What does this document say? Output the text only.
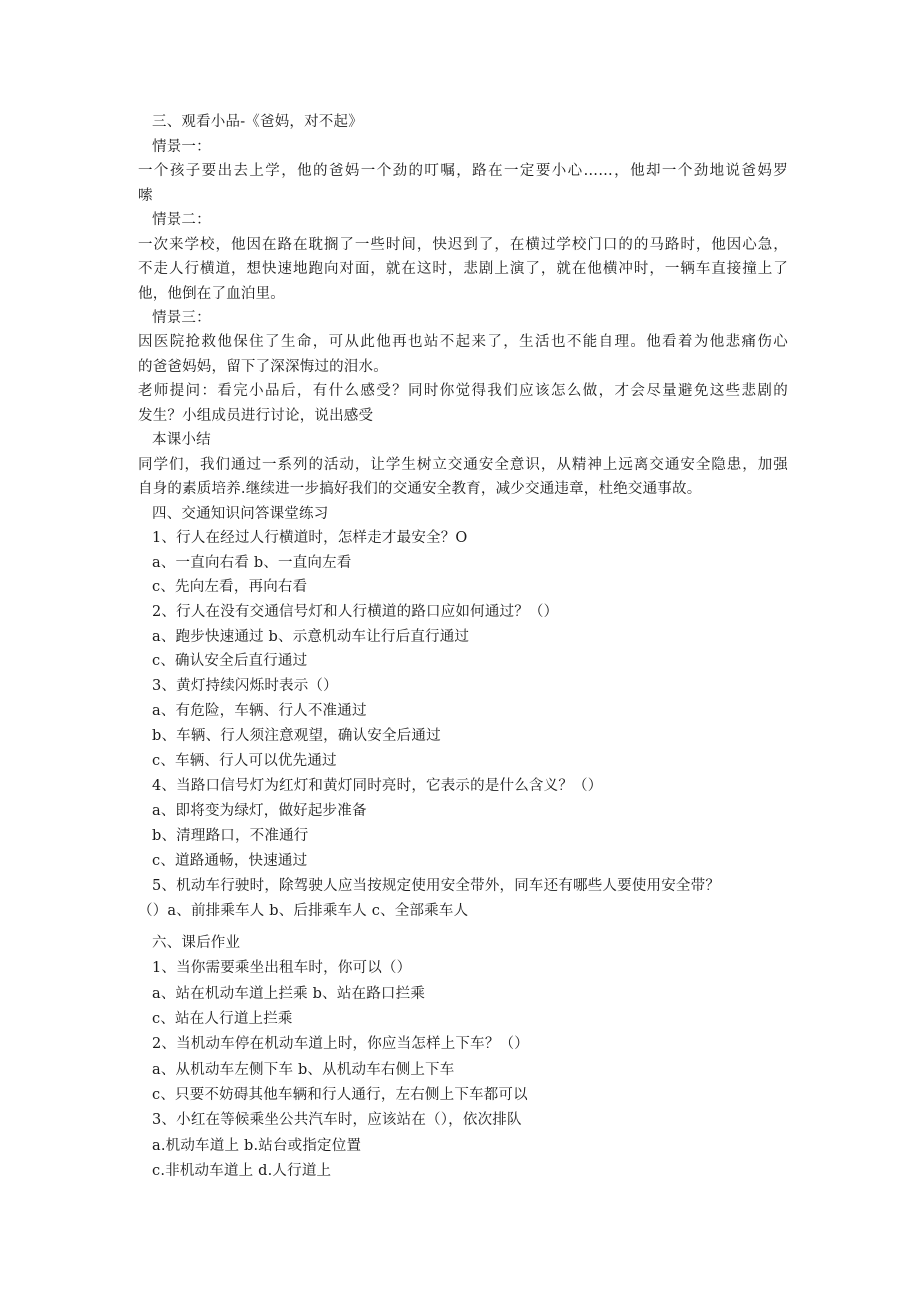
三、观看小品-《爸妈，对不起》
情景一：
一个孩子要出去上学，他的爸妈一个劲的叮嘱，路在一定要小心……，他却一个劲地说爸妈罗
嗦
情景二：
一次来学校，他因在路在耽搁了一些时间，快迟到了，在横过学校门口的的马路时，他因心急，
不走人行横道，想快速地跑向对面，就在这时，悲剧上演了，就在他横冲时，一辆车直接撞上了
他，他倒在了血泊里。
情景三：
因医院抢救他保住了生命，可从此他再也站不起来了，生活也不能自理。他看着为他悲痛伤心
的爸爸妈妈，留下了深深悔过的泪水。
老师提问：看完小品后，有什么感受？同时你觉得我们应该怎么做，才会尽量避免这些悲剧的
发生？小组成员进行讨论，说出感受
本课小结
同学们，我们通过一系列的活动，让学生树立交通安全意识，从精神上远离交通安全隐患，加强
自身的素质培养.继续进一步搞好我们的交通安全教育，减少交通违章，杜绝交通事故。
四、交通知识问答课堂练习
1、行人在经过人行横道时，怎样走才最安全？O
a、一直向右看 b、一直向左看
c、先向左看，再向右看
2、行人在没有交通信号灯和人行横道的路口应如何通过？（）
a、跑步快速通过 b、示意机动车让行后直行通过
c、确认安全后直行通过
3、黄灯持续闪烁时表示（）
a、有危险，车辆、行人不准通过
b、车辆、行人须注意观望，确认安全后通过
c、车辆、行人可以优先通过
4、当路口信号灯为红灯和黄灯同时亮时，它表示的是什么含义？（）
a、即将变为绿灯，做好起步准备
b、清理路口，不准通行
c、道路通畅，快速通过
5、机动车行驶时，除驾驶人应当按规定使用安全带外，同车还有哪些人要使用安全带？
（）a、前排乘车人 b、后排乘车人 c、全部乘车人
六、课后作业
1、当你需要乘坐出租车时，你可以（）
a、站在机动车道上拦乘 b、站在路口拦乘
c、站在人行道上拦乘
2、当机动车停在机动车道上时，你应当怎样上下车？（）
a、从机动车左侧下车 b、从机动车右侧上下车
c、只要不妨碍其他车辆和行人通行，左右侧上下车都可以
3、小红在等候乘坐公共汽车时，应该站在（），依次排队
a.机动车道上 b.站台或指定位置
c.非机动车道上 d.人行道上
